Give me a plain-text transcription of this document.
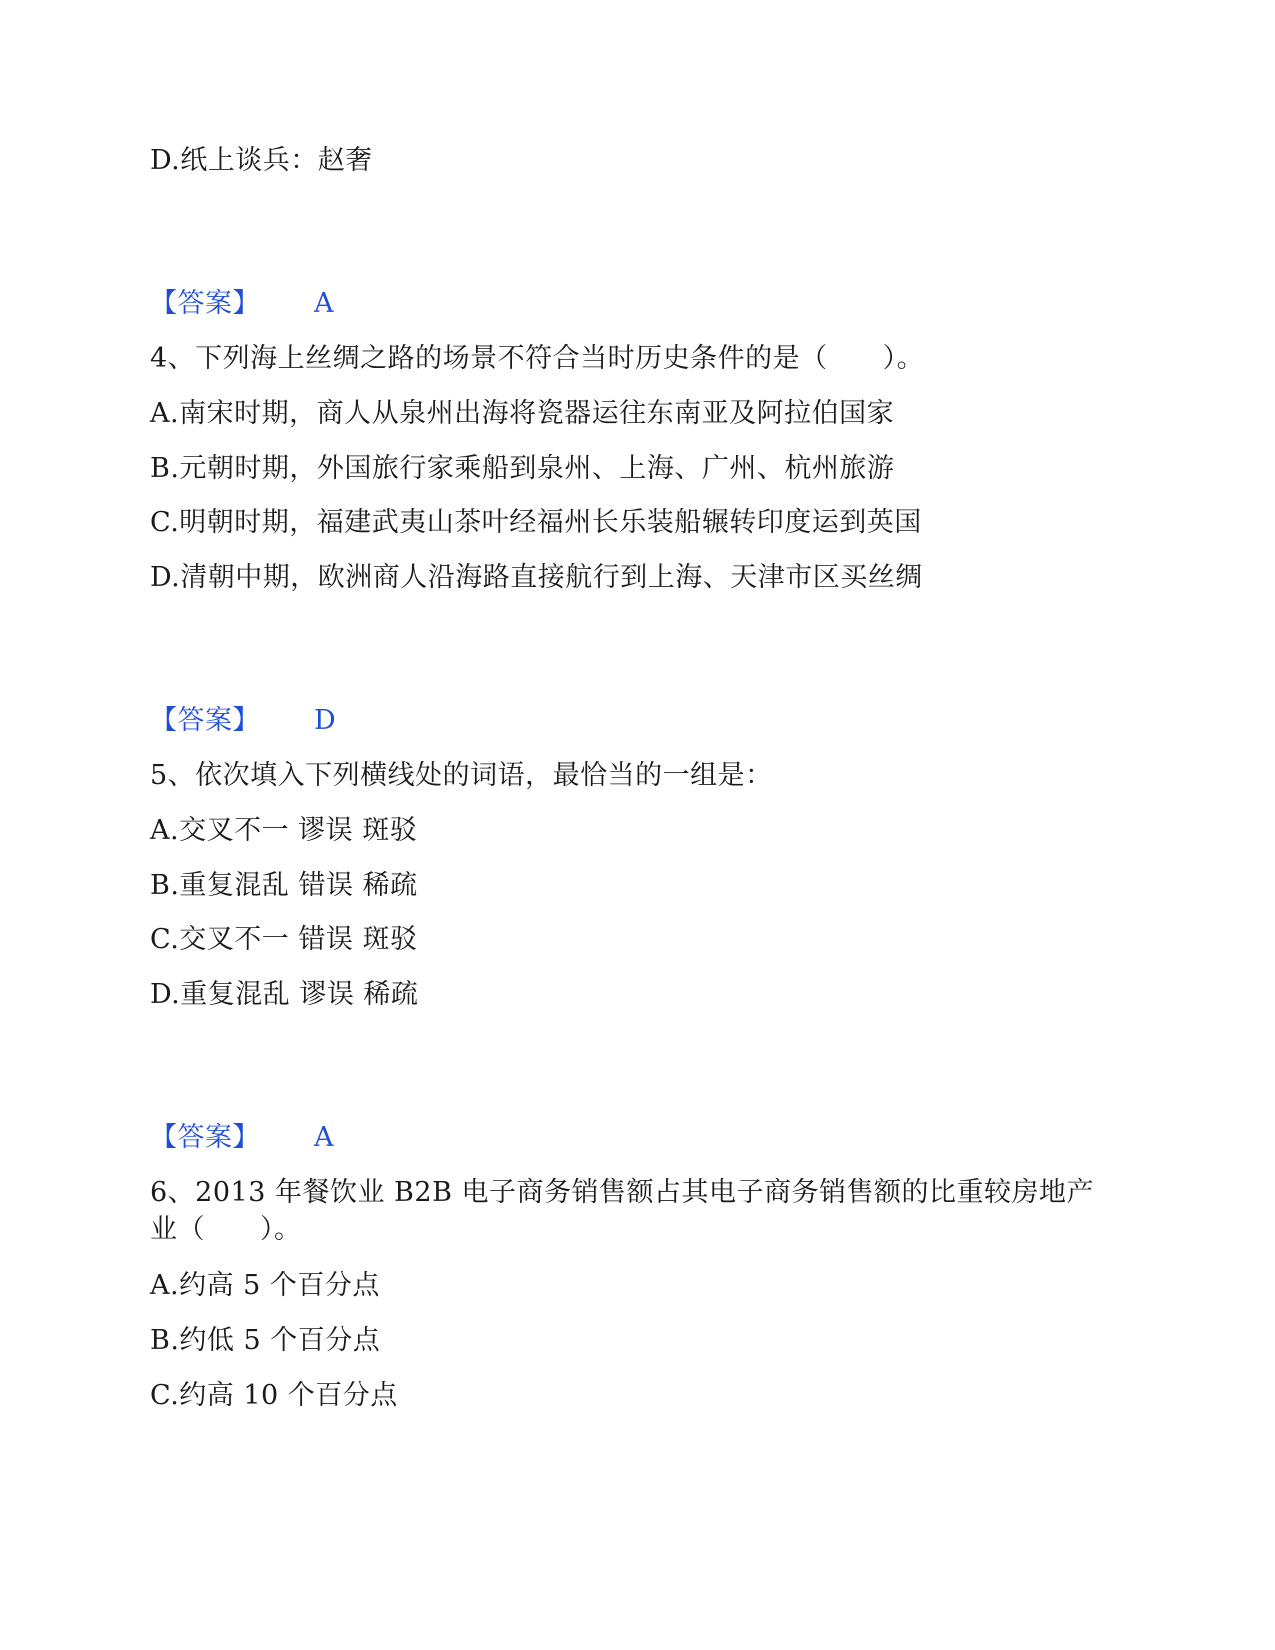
D.纸上谈兵：赵奢
【答案】 A
4、下列海上丝绸之路的场景不符合当时历史条件的是（　　）。
A.南宋时期，商人从泉州出海将瓷器运往东南亚及阿拉伯国家
B.元朝时期，外国旅行家乘船到泉州、上海、广州、杭州旅游
C.明朝时期，福建武夷山茶叶经福州长乐装船辗转印度运到英国
D.清朝中期，欧洲商人沿海路直接航行到上海、天津市区买丝绸
【答案】 D
5、依次填入下列横线处的词语，最恰当的一组是：
A.交叉不一 谬误 斑驳
B.重复混乱 错误 稀疏
C.交叉不一 错误 斑驳
D.重复混乱 谬误 稀疏
【答案】 A
6、2013 年餐饮业 B2B 电子商务销售额占其电子商务销售额的比重较房地产
业（　　）。
A.约高 5 个百分点
B.约低 5 个百分点
C.约高 10 个百分点
